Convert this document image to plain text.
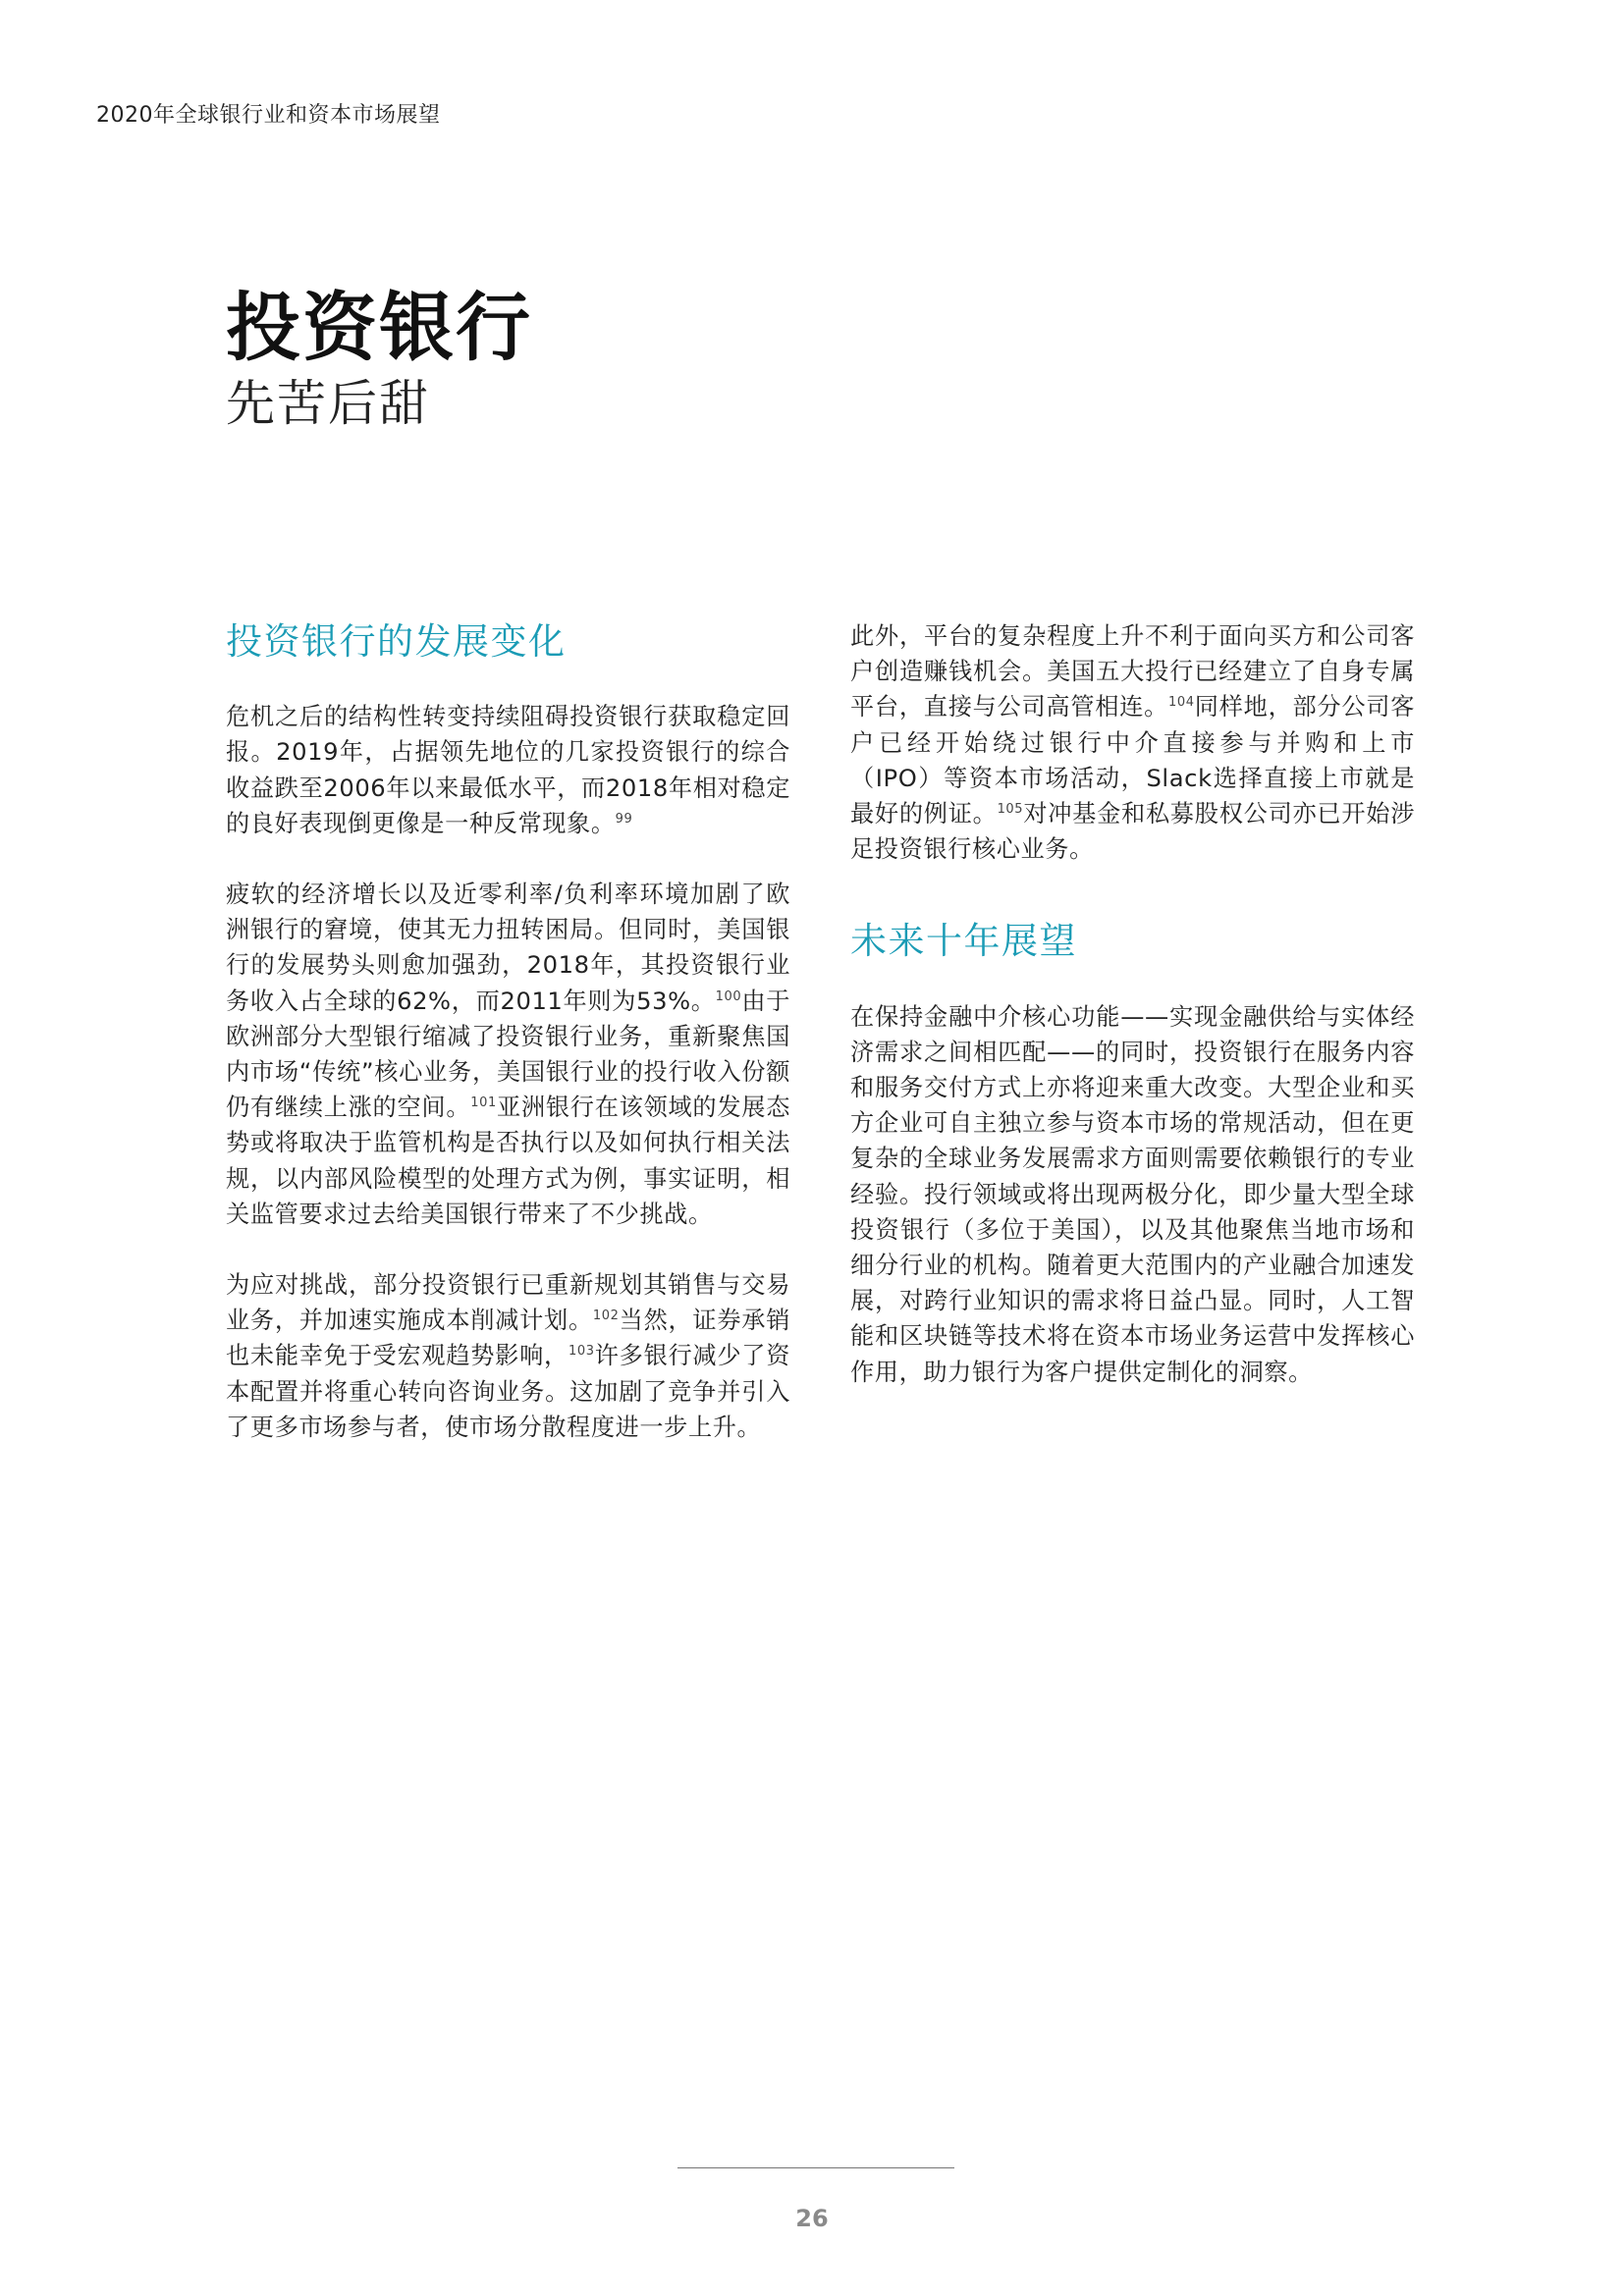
2020年全球银行业和资本市场展望
投资银行
先苦后甜
投资银行的发展变化

危机之后的结构性转变持续阻碍投资银行获取稳定回报。2019年，占据领先地位的几家投资银行的综合收益跌至2006年以来最低水平，而2018年相对稳定的良好表现倒更像是一种反常现象。$^{99}$

疲软的经济增长以及近零利率/负利率环境加剧了欧洲银行的窘境，使其无力扭转困局。但同时，美国银行的发展势头则愈加强劲，2018年，其投资银行业务收入占全球的62%，而2011年则为53%。$^{100}$由于欧洲部分大型银行缩减了投资银行业务，重新聚焦国内市场“传统”核心业务，美国银行业的投行收入份额仍有继续上涨的空间。$^{101}$亚洲银行在该领域的发展态势或将取决于监管机构是否执行以及如何执行相关法规，以内部风险模型的处理方式为例，事实证明，相关监管要求过去给美国银行带来了不少挑战。

为应对挑战，部分投资银行已重新规划其销售与交易业务，并加速实施成本削减计划。$^{102}$当然，证券承销也未能幸免于受宏观趋势影响，$^{103}$许多银行减少了资本配置并将重心转向咨询业务。这加剧了竞争并引入了更多市场参与者，使市场分散程度进一步上升。

此外，平台的复杂程度上升不利于面向买方和公司客户创造赚钱机会。美国五大投行已经建立了自身专属平台，直接与公司高管相连。$^{104}$同样地，部分公司客户已经开始绕过银行中介直接参与并购和上市（IPO）等资本市场活动，Slack选择直接上市就是最好的例证。$^{105}$对冲基金和私募股权公司亦已开始涉足投资银行核心业务。

未来十年展望

在保持金融中介核心功能——实现金融供给与实体经济需求之间相匹配——的同时，投资银行在服务内容和服务交付方式上亦将迎来重大改变。大型企业和买方企业可自主独立参与资本市场的常规活动，但在更复杂的全球业务发展需求方面则需要依赖银行的专业经验。投行领域或将出现两极分化，即少量大型全球投资银行（多位于美国），以及其他聚焦当地市场和细分行业的机构。随着更大范围内的产业融合加速发展，对跨行业知识的需求将日益凸显。同时，人工智能和区块链等技术将在资本市场业务运营中发挥核心作用，助力银行为客户提供定制化的洞察。

26
